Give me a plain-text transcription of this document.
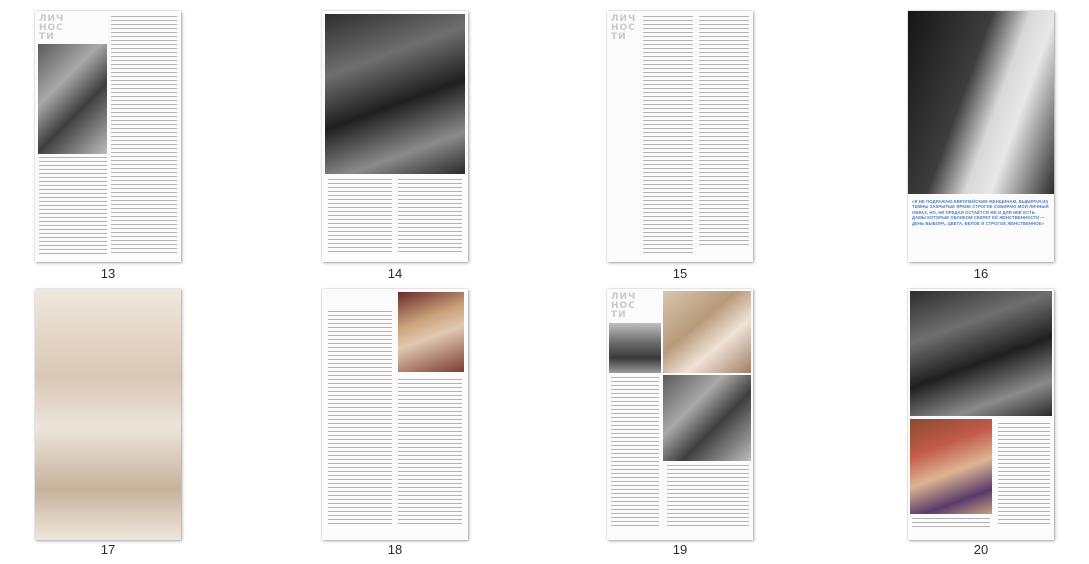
ЛИЧ НОС ТИ
13	14
ЛИЧ НОС ТИ
15
«Я НЕ ПОДРАЖАЮ ЕВРОПЕЙСКИМ ЖЕНЩИНАМ, ВЫБИРАЯ ИХ ТЕМНЫ ЗАКРЫТЫЕ ЯРКИЕ СТРОГИЕ СОБИРАЮ МОЙ ЛИЧНЫЙ ОБРАЗ, НО, НЕ ПРЕДАЯ ОСТАЁТСЯ ЖЕ И ДЛЯ НЕЁ ЕСТЬ ДАМЫ КОТОРЫЕ ОБЛИКОМ СЕКРЕТ ЕЁ ЖЕНСТВЕННОСТИ — ДЕНЬ ВЫБОРА, ЦВЕТА, БЕЛОЕ И СТРОГОЕ ЖЕНСТВЕННОЕ»
16
17	18
ЛИЧ НОС ТИ
19	20
